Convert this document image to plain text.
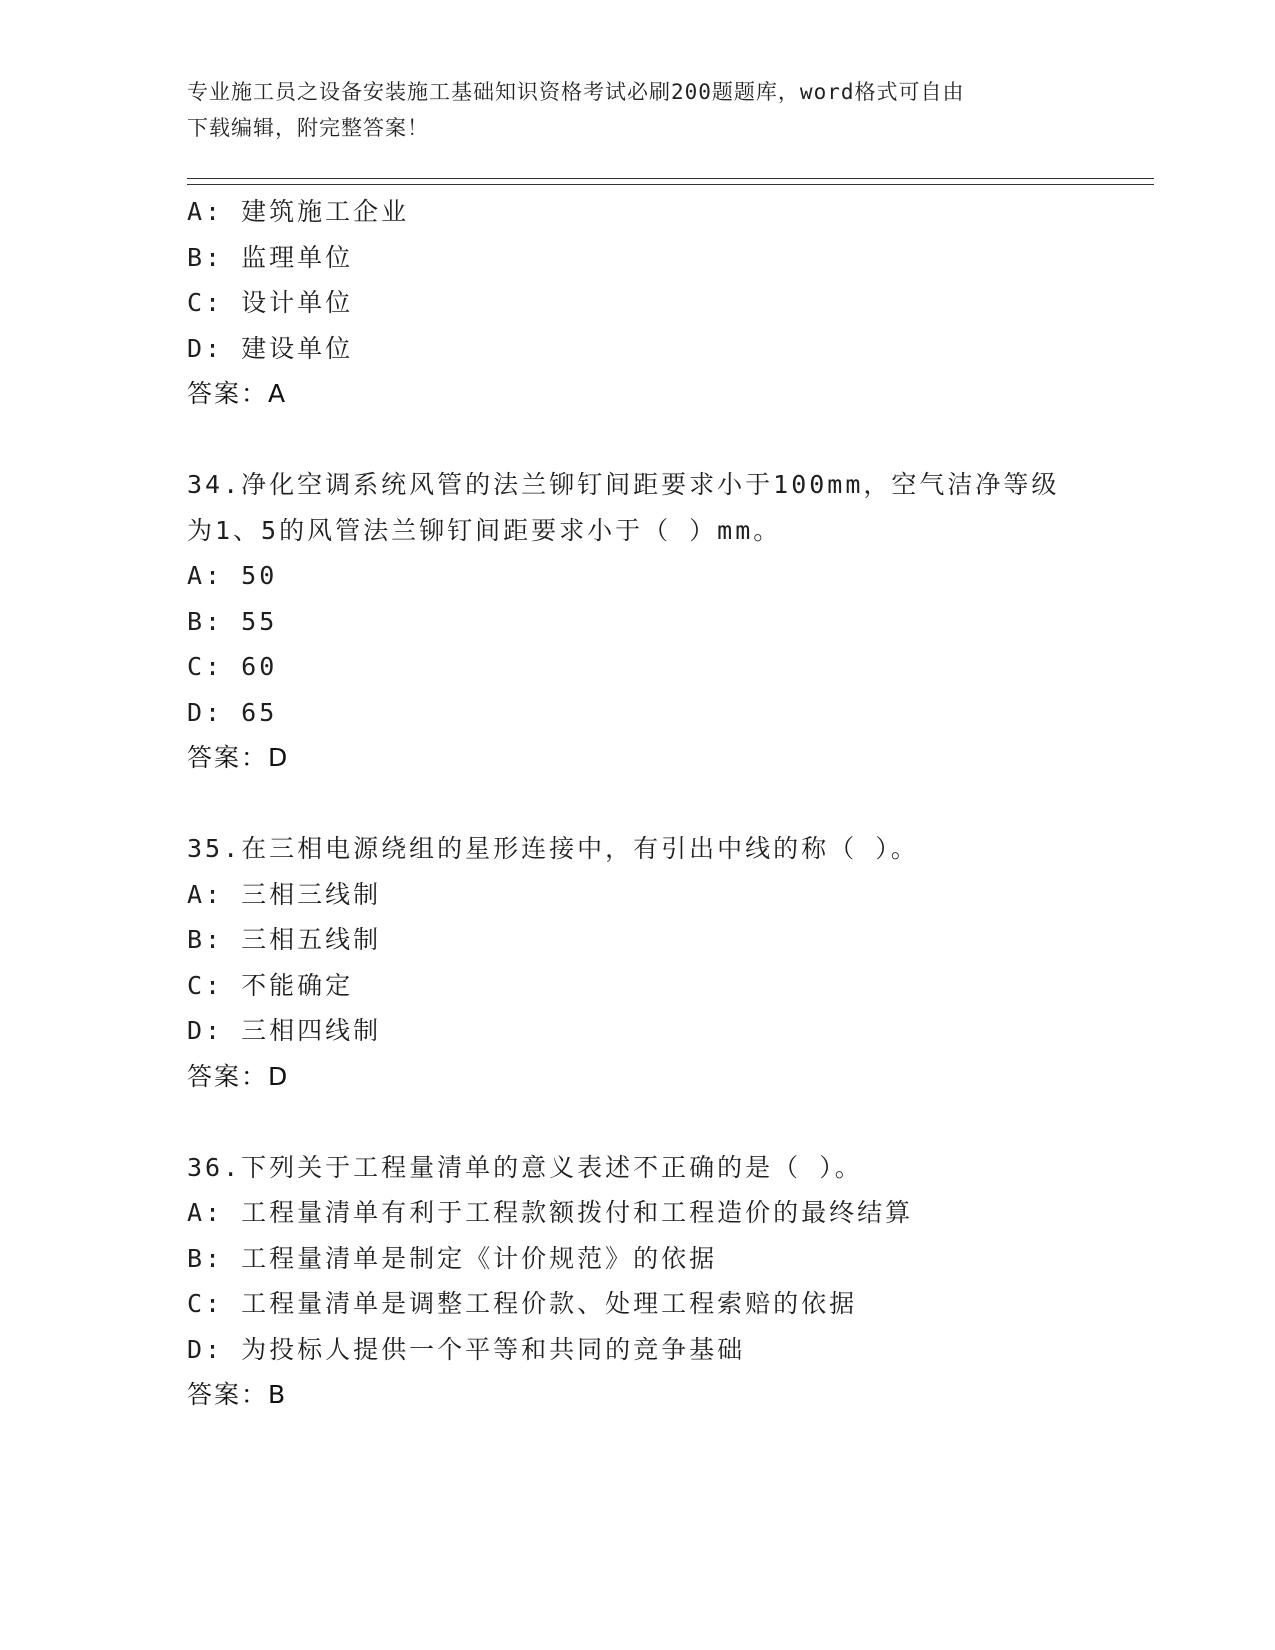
专业施工员之设备安装施工基础知识资格考试必刷200题题库，word格式可自由
下载编辑，附完整答案！
A: 建筑施工企业
B: 监理单位
C: 设计单位
D: 建设单位
答案：A
34.净化空调系统风管的法兰铆钉间距要求小于100mm，空气洁净等级
为1、5的风管法兰铆钉间距要求小于（ ）mm。
A: 50
B: 55
C: 60
D: 65
答案：D
35.在三相电源绕组的星形连接中，有引出中线的称（ ）。
A: 三相三线制
B: 三相五线制
C: 不能确定
D: 三相四线制
答案：D
36.下列关于工程量清单的意义表述不正确的是（ ）。
A: 工程量清单有利于工程款额拨付和工程造价的最终结算
B: 工程量清单是制定《计价规范》的依据
C: 工程量清单是调整工程价款、处理工程索赔的依据
D: 为投标人提供一个平等和共同的竞争基础
答案：B
